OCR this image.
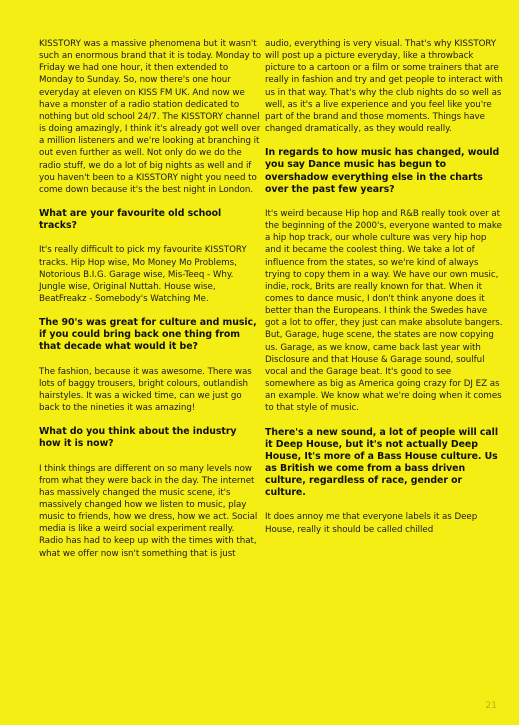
KISSTORY was a massive phenomena but it wasn't such an enormous brand that it is today. Monday to Friday we had one hour, it then extended to Monday to Sunday. So, now there's one hour everyday at eleven on KISS FM UK. And now we have a monster of a radio station dedicated to nothing but old school 24/7. The KISSTORY channel is doing amazingly, I think it's already got well over a million listeners and we're looking at branching it out even further as well. Not only do we do the radio stuff, we do a lot of big nights as well and if you haven't been to a KISSTORY night you need to come down because it's the best night in London.

What are your favourite old school tracks?

It's really difficult to pick my favourite KISSTORY tracks. Hip Hop wise, Mo Money Mo Problems, Notorious B.I.G. Garage wise, Mis-Teeq - Why. Jungle wise, Original Nuttah. House wise, BeatFreakz - Somebody's Watching Me.

The 90's was great for culture and music, if you could bring back one thing from that decade what would it be?

The fashion, because it was awesome. There was lots of baggy trousers, bright colours, outlandish hairstyles. It was a wicked time, can we just go back to the nineties it was amazing!

What do you think about the industry how it is now?

I think things are different on so many levels now from what they were back in the day. The internet has massively changed the music scene, it's massively changed how we listen to music, play music to friends, how we dress, how we act. Social media is like a weird social experiment really. Radio has had to keep up with the times with that, what we offer now isn't something that is just

audio, everything is very visual. That's why KISSTORY will post up a picture everyday, like a throwback picture to a cartoon or a film or some trainers that are really in fashion and try and get people to interact with us in that way. That's why the club nights do so well as well, as it's a live experience and you feel like you're part of the brand and those moments. Things have changed dramatically, as they would really.

In regards to how music has changed, would you say Dance music has begun to overshadow everything else in the charts over the past few years?

It's weird because Hip hop and R&B really took over at the beginning of the 2000's, everyone wanted to make a hip hop track, our whole culture was very hip hop and it became the coolest thing. We take a lot of influence from the states, so we're kind of always trying to copy them in a way. We have our own music, indie, rock, Brits are really known for that. When it comes to dance music, I don't think anyone does it better than the Europeans. I think the Swedes have got a lot to offer, they just can make absolute bangers. But, Garage, huge scene, the states are now copying us. Garage, as we know, came back last year with Disclosure and that House & Garage sound, soulful vocal and the Garage beat. It's good to see somewhere as big as America going crazy for DJ EZ as an example. We know what we're doing when it comes to that style of music.

There's a new sound, a lot of people will call it Deep House, but it's not actually Deep House, It's more of a Bass House culture. Us as British we come from a bass driven culture, regardless of race, gender or culture.

It does annoy me that everyone labels it as Deep House, really it should be called chilled

21
